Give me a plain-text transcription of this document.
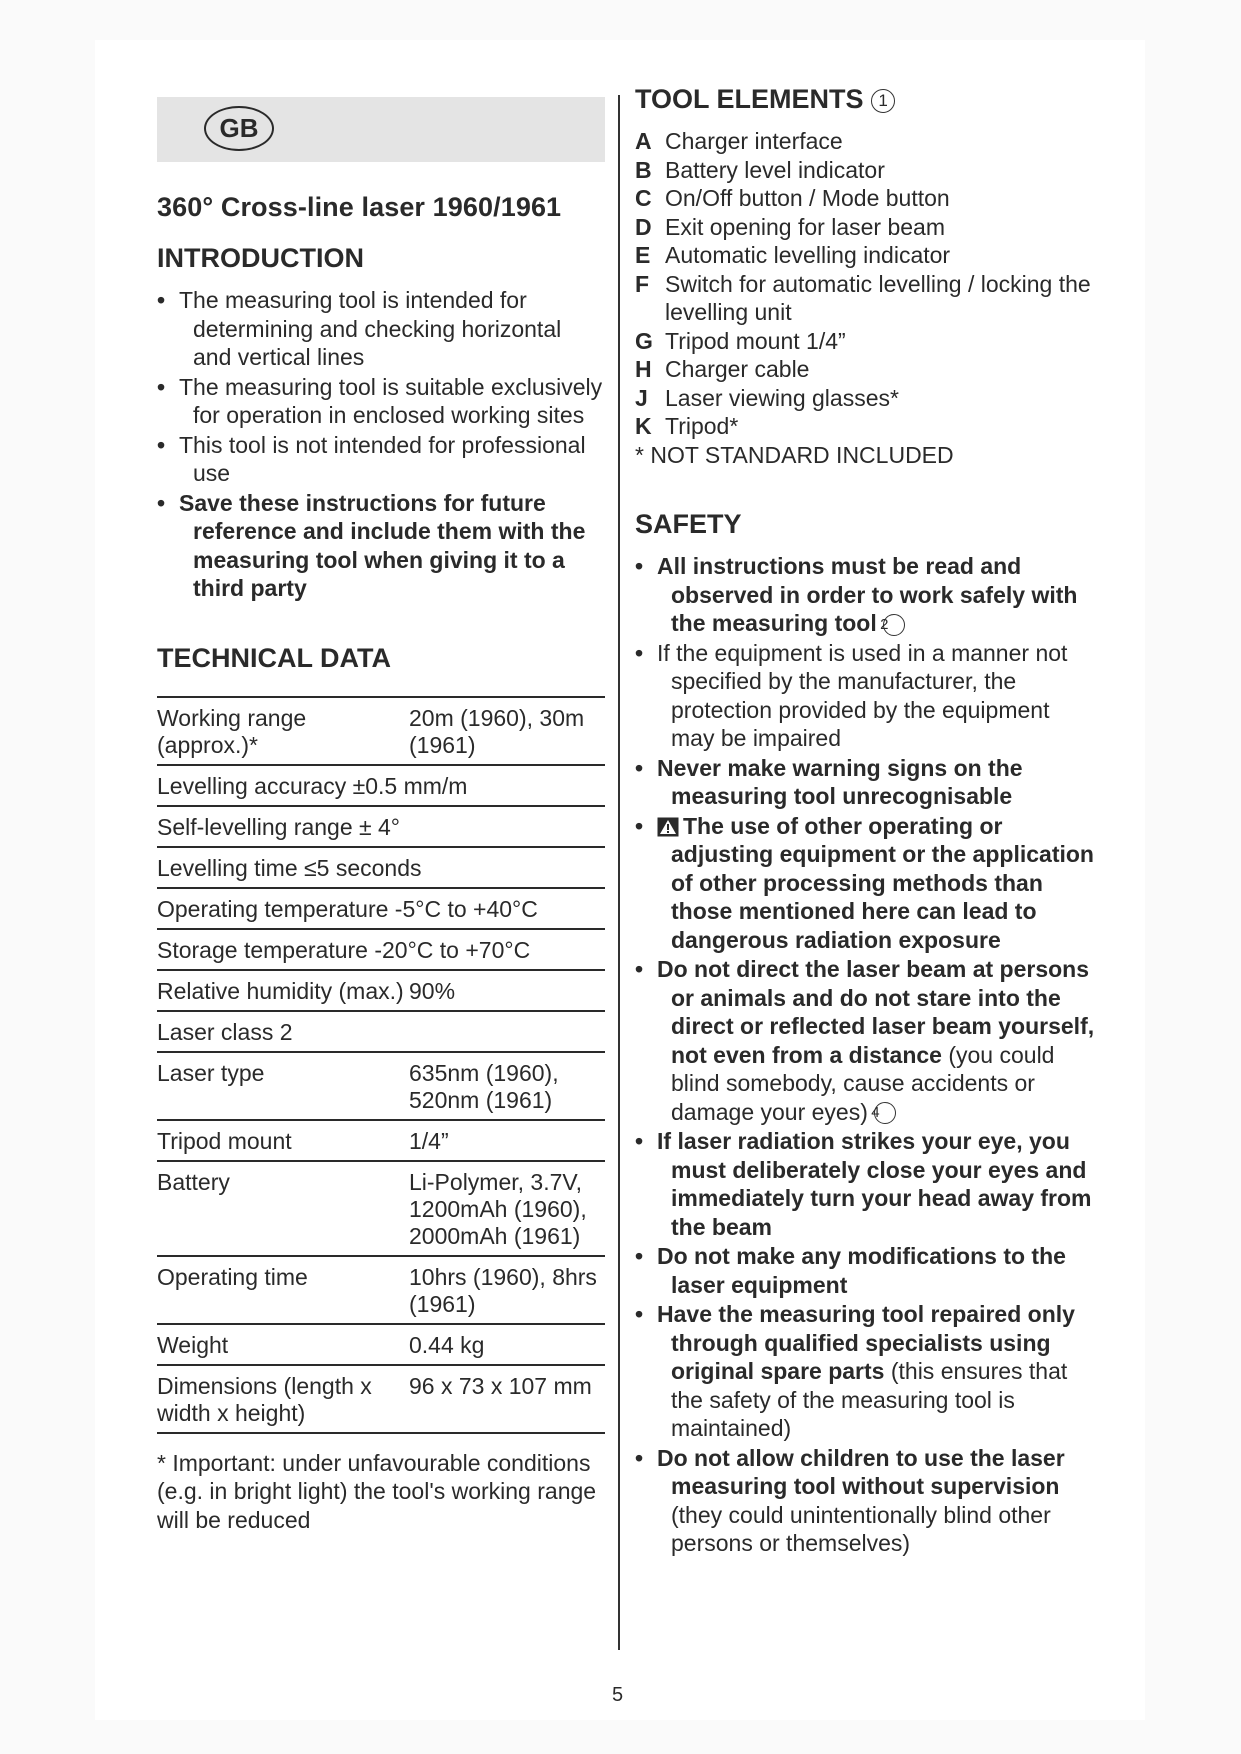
GB
360° Cross-line laser 1960/1961
INTRODUCTION
• The measuring tool is intended for determining and checking horizontal and vertical lines
• The measuring tool is suitable exclusively for operation in enclosed working sites
• This tool is not intended for professional use
• Save these instructions for future reference and include them with the measuring tool when giving it to a third party
TECHNICAL DATA
Working range (approx.)*	20m (1960), 30m (1961)
Levelling accuracy ±0.5 mm/m	
Self-levelling range ± 4°	
Levelling time ≤5 seconds	
Operating temperature -5°C to +40°C	
Storage temperature -20°C to +70°C	
Relative humidity (max.)	90%
Laser class 2	
Laser type	635nm (1960), 520nm (1961)
Tripod mount	1/4”
Battery	Li-Polymer, 3.7V, 1200mAh (1960), 2000mAh (1961)
Operating time	10hrs (1960), 8hrs (1961)
Weight	0.44 kg
Dimensions (length x width x height)	96 x 73 x 107 mm
* Important: under unfavourable conditions (e.g. in bright light) the tool's working range will be reduced
TOOL ELEMENTS 1
A Charger interface
B Battery level indicator
C On/Off button / Mode button
D Exit opening for laser beam
E Automatic levelling indicator
F Switch for automatic levelling / locking the levelling unit
G Tripod mount 1/4”
H Charger cable
J Laser viewing glasses*
K Tripod*
* NOT STANDARD INCLUDED
SAFETY
• All instructions must be read and observed in order to work safely with the measuring tool 2
• If the equipment is used in a manner not specified by the manufacturer, the protection provided by the equipment may be impaired
• Never make warning signs on the measuring tool unrecognisable
• The use of other operating or adjusting equipment or the application of other processing methods than those mentioned here can lead to dangerous radiation exposure
• Do not direct the laser beam at persons or animals and do not stare into the direct or reflected laser beam yourself, not even from a distance (you could blind somebody, cause accidents or damage your eyes) 4
• If laser radiation strikes your eye, you must deliberately close your eyes and immediately turn your head away from the beam
• Do not make any modifications to the laser equipment
• Have the measuring tool repaired only through qualified specialists using original spare parts (this ensures that the safety of the measuring tool is maintained)
• Do not allow children to use the laser measuring tool without supervision (they could unintentionally blind other persons or themselves)
5
